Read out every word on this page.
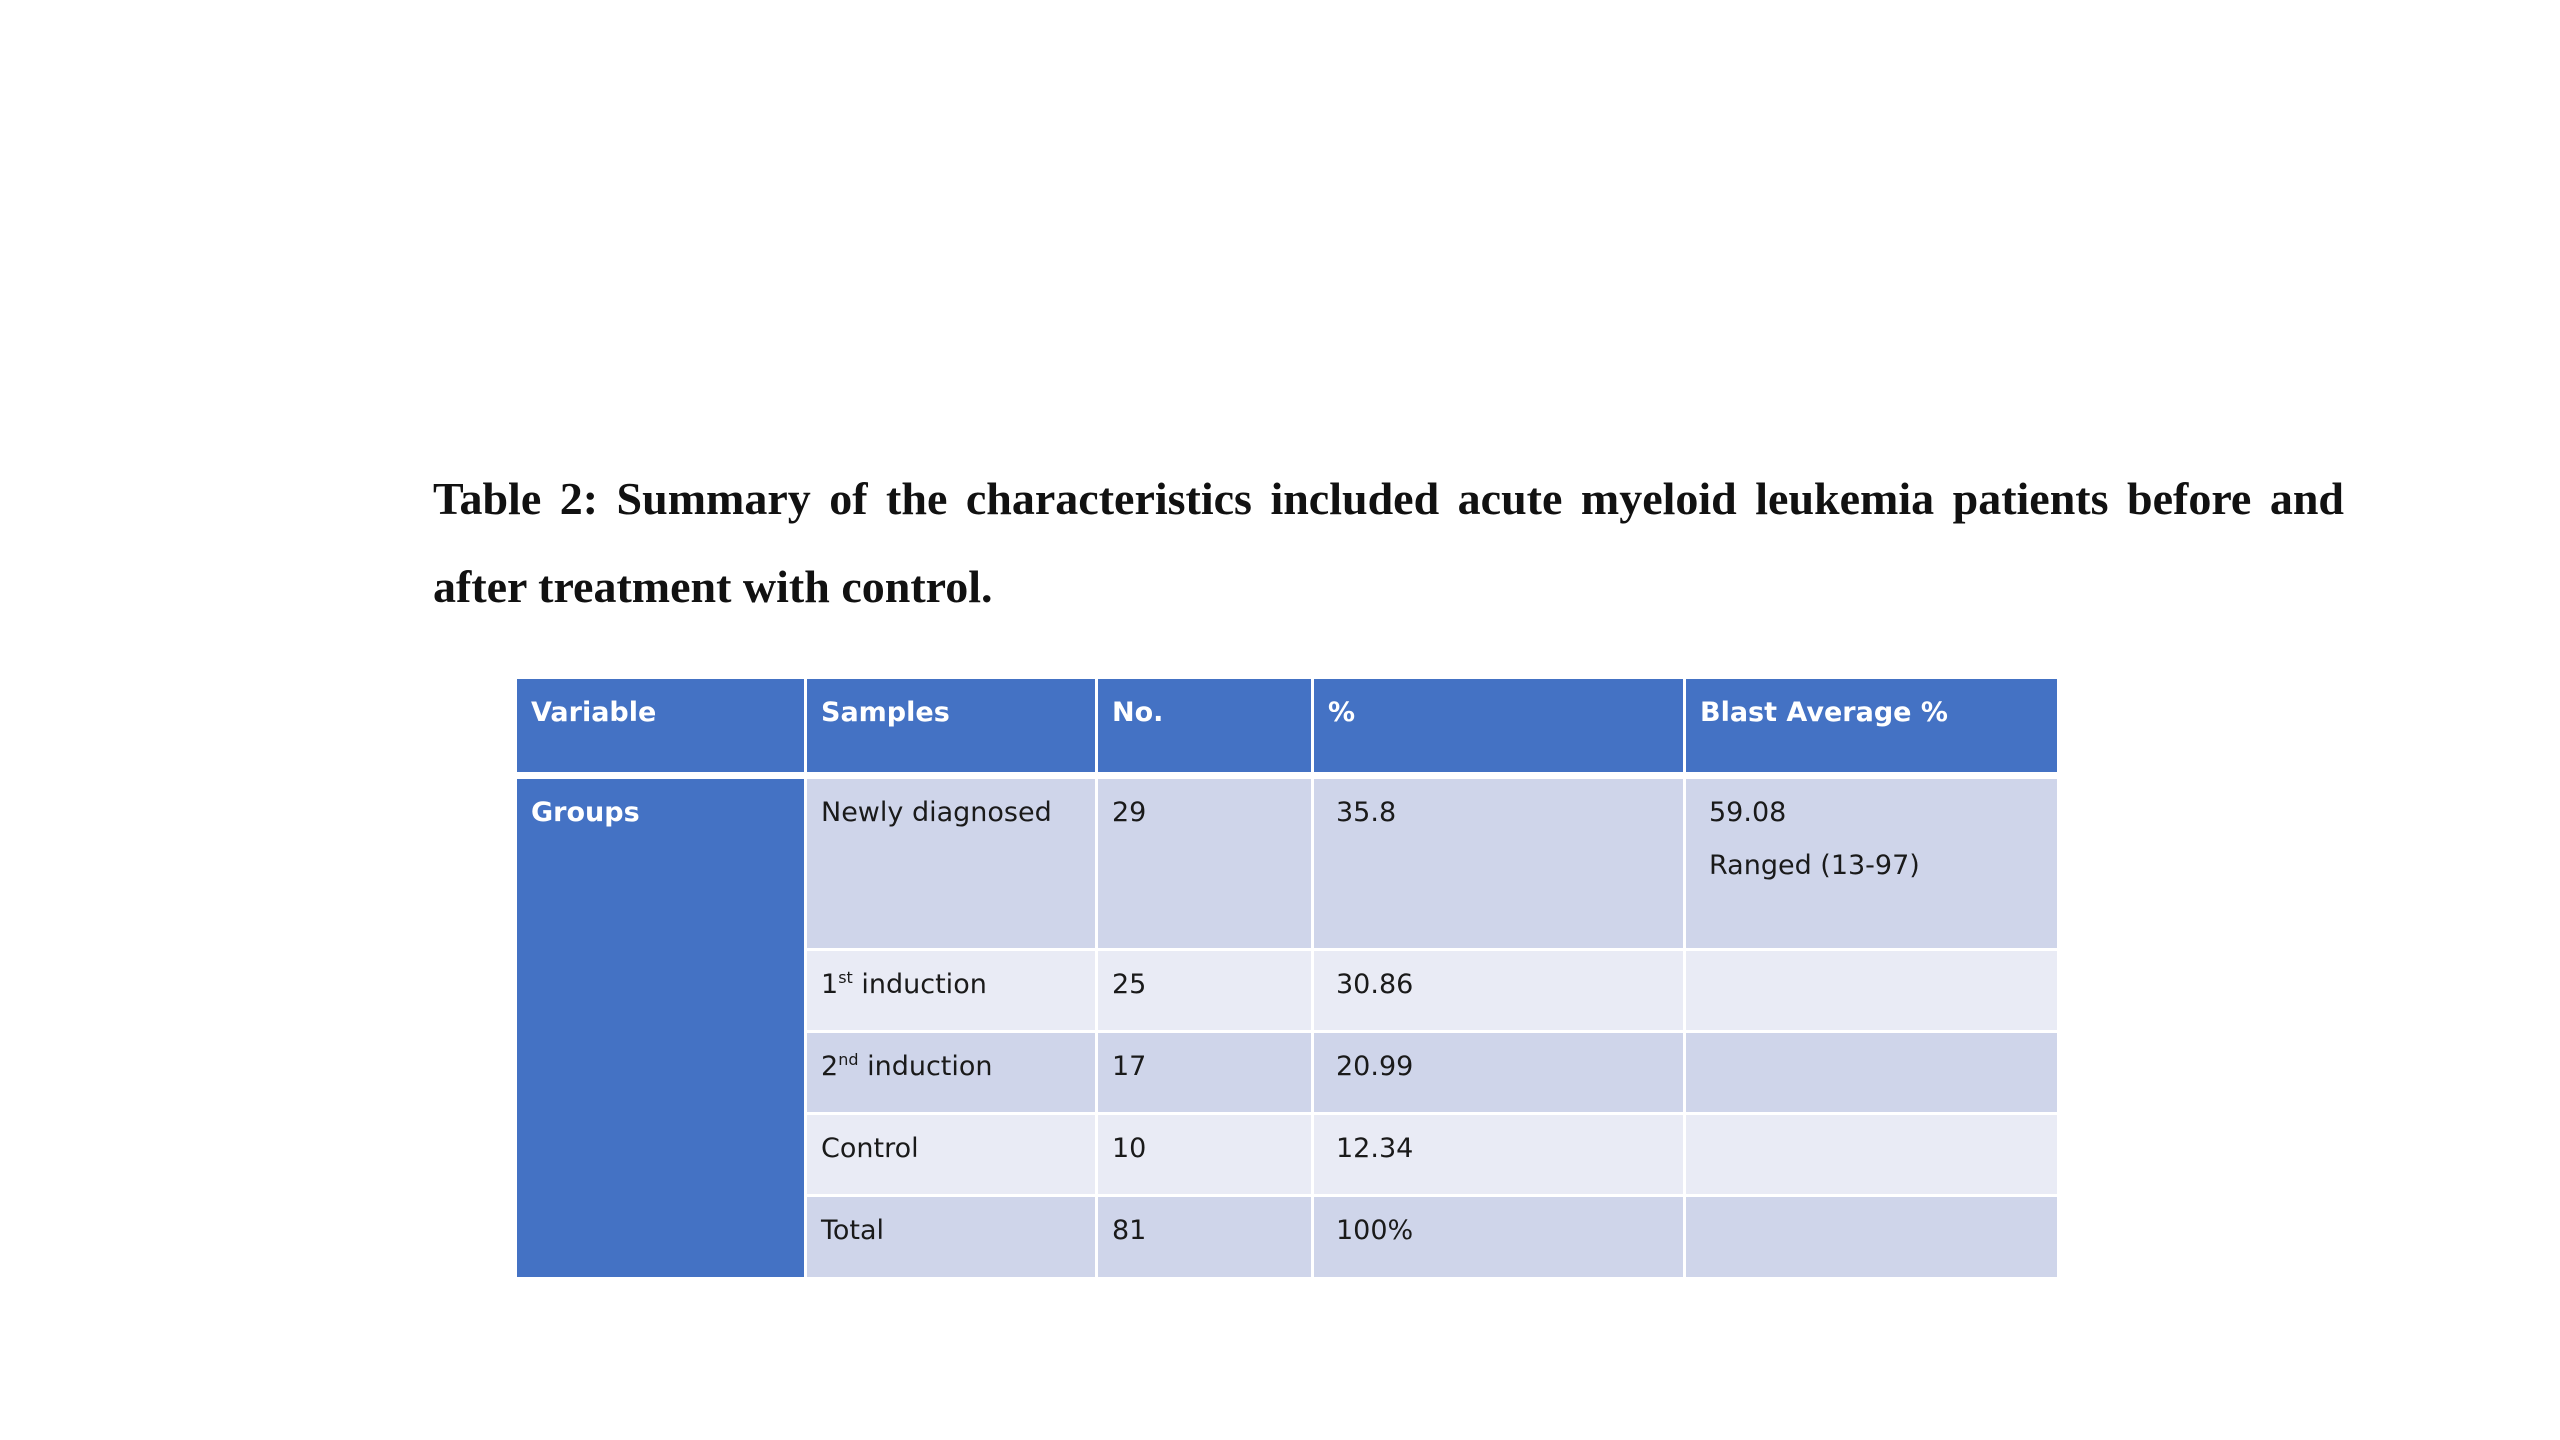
Table 2: Summary of the characteristics included acute myeloid leukemia patients before and after treatment with control.

Variable	Samples	No.	%	Blast Average %
Groups	Newly diagnosed	29	35.8	59.08
Ranged (13-97)

	1st induction	25	30.86	
	2nd induction	17	20.99	
	Control	10	12.34	
	Total	81	100%	
